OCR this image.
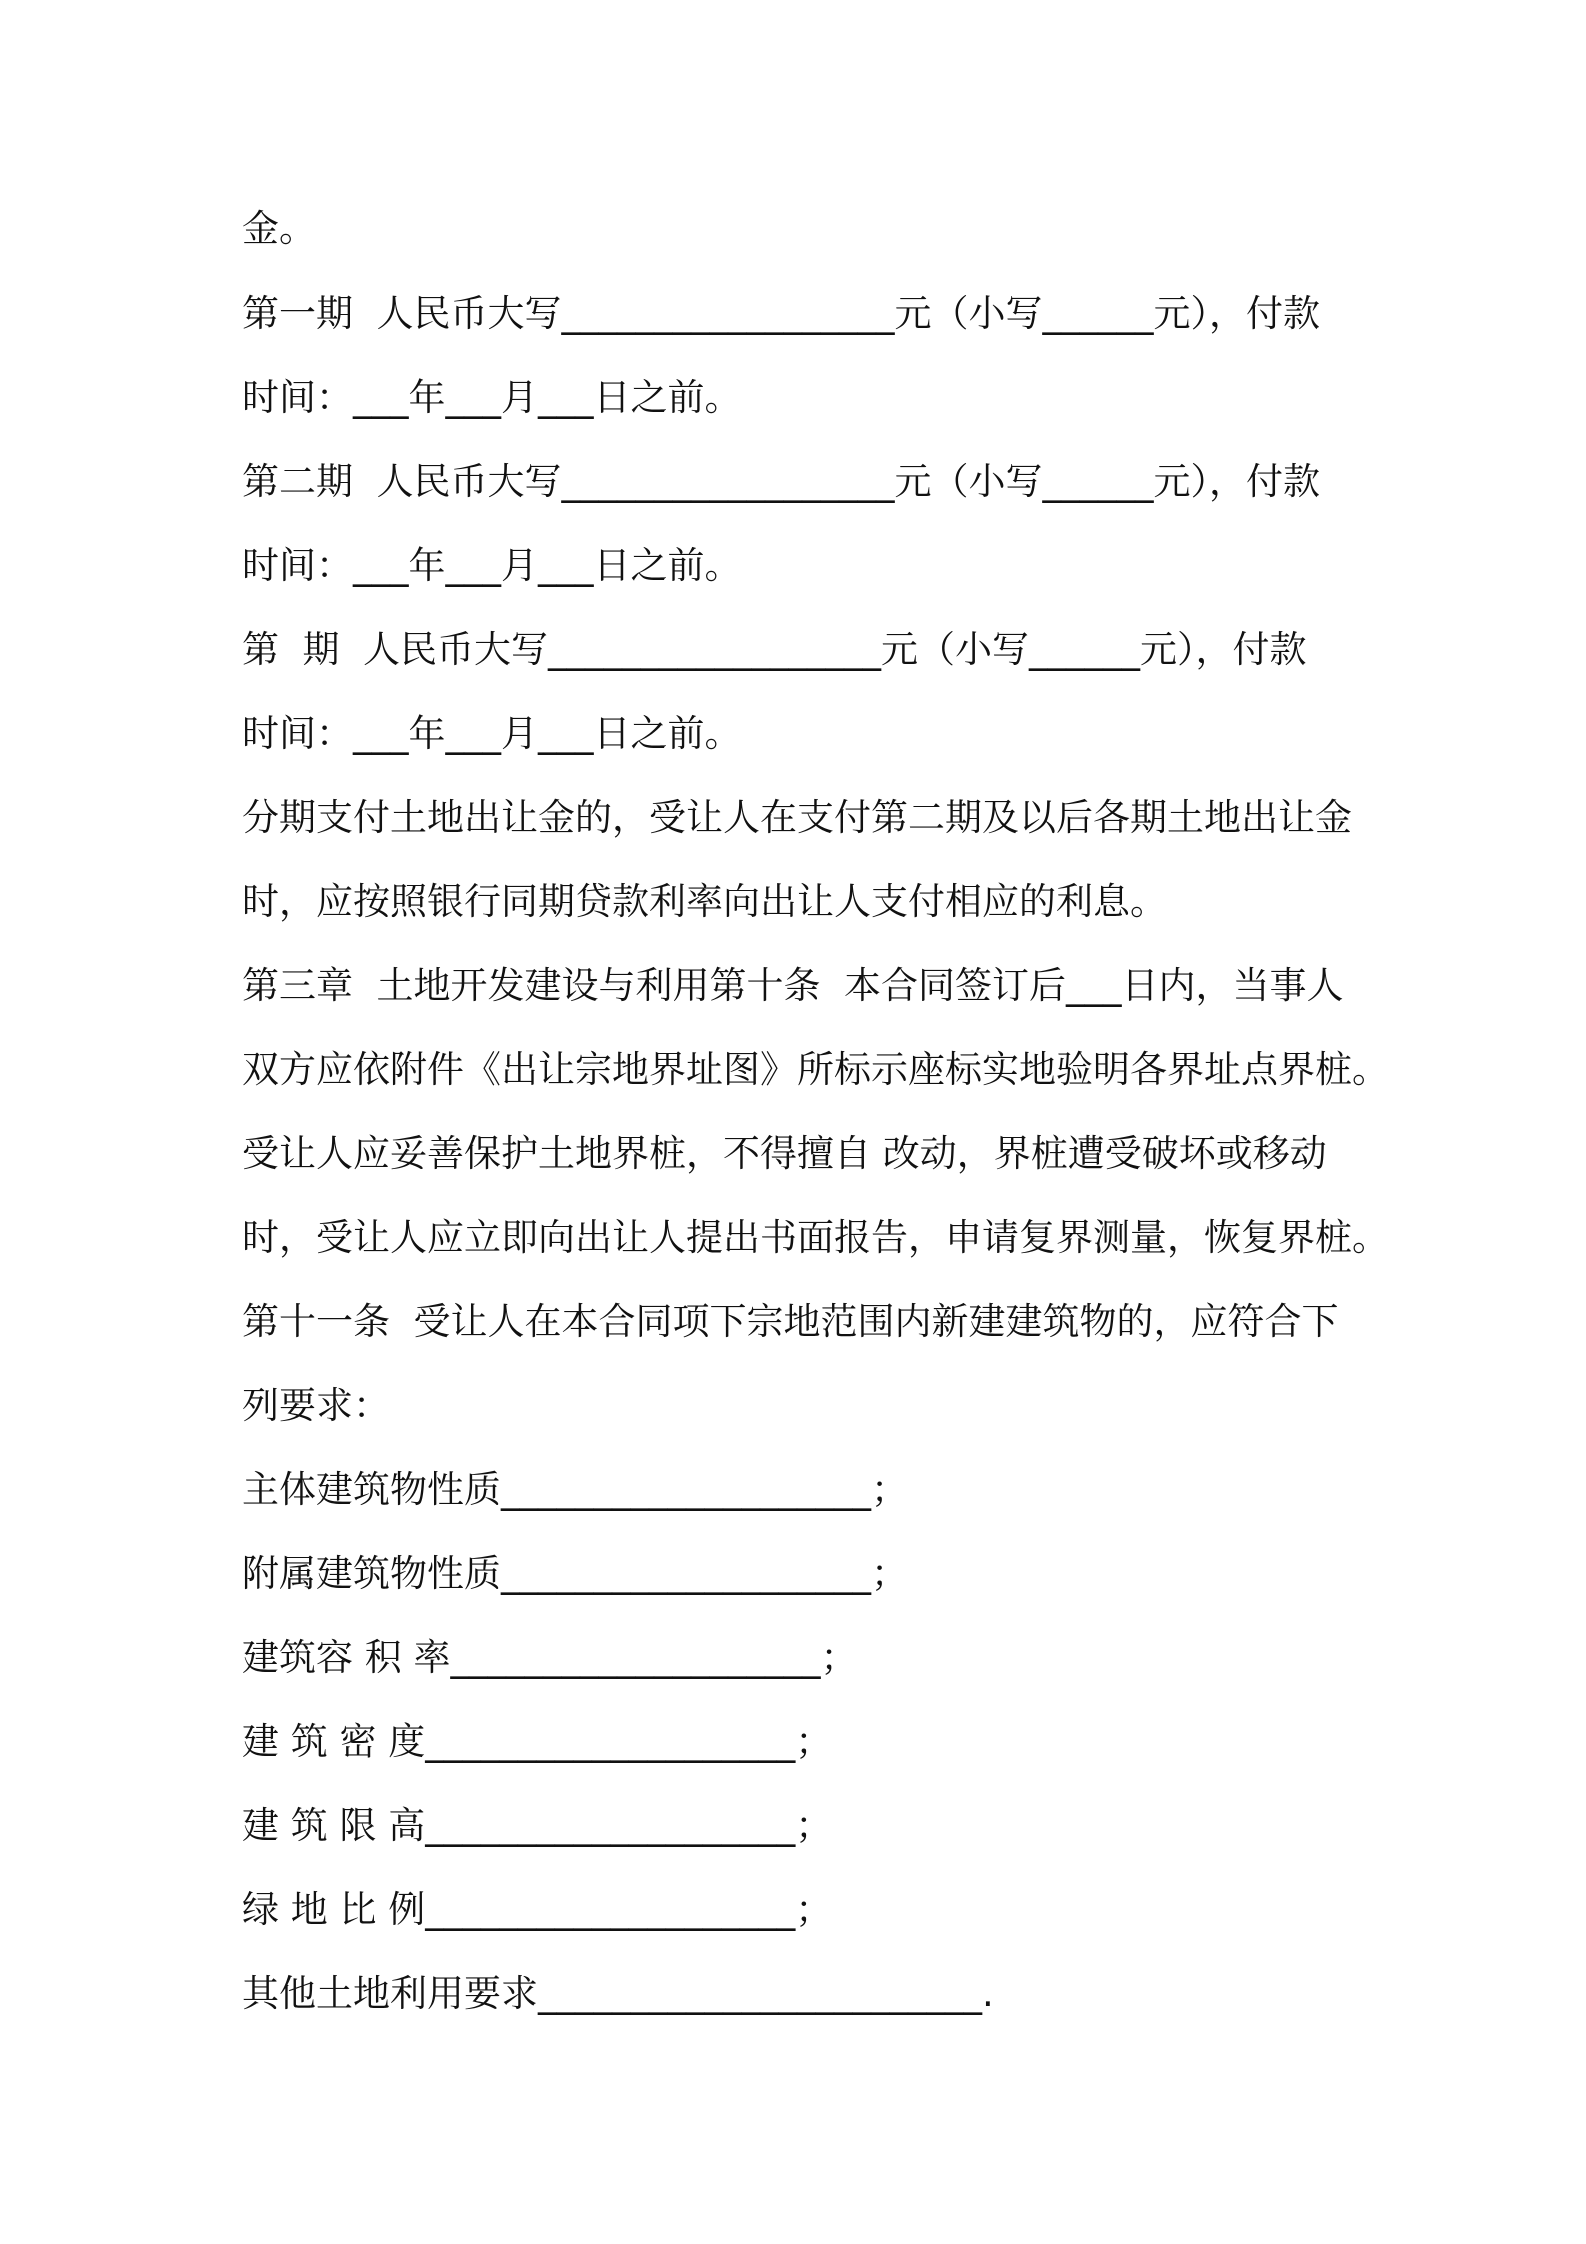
金。
第一期  人民币大写__________________元（小写______元），付款
时间：___年___月___日之前。
第二期  人民币大写__________________元（小写______元），付款
时间：___年___月___日之前。
第  期  人民币大写__________________元（小写______元），付款
时间：___年___月___日之前。
分期支付土地出让金的，受让人在支付第二期及以后各期土地出让金
时，应按照银行同期贷款利率向出让人支付相应的利息。
第三章  土地开发建设与利用第十条  本合同签订后___日内，当事人
双方应依附件《出让宗地界址图》所标示座标实地验明各界址点界桩。
受让人应妥善保护土地界桩，不得擅自 改动，界桩遭受破坏或移动
时，受让人应立即向出让人提出书面报告，申请复界测量，恢复界桩。
第十一条  受让人在本合同项下宗地范围内新建建筑物的，应符合下
列要求：
主体建筑物性质____________________；
附属建筑物性质____________________；
建筑容 积 率____________________；
建 筑 密 度____________________；
建 筑 限 高____________________；
绿 地 比 例____________________；
其他土地利用要求________________________.
